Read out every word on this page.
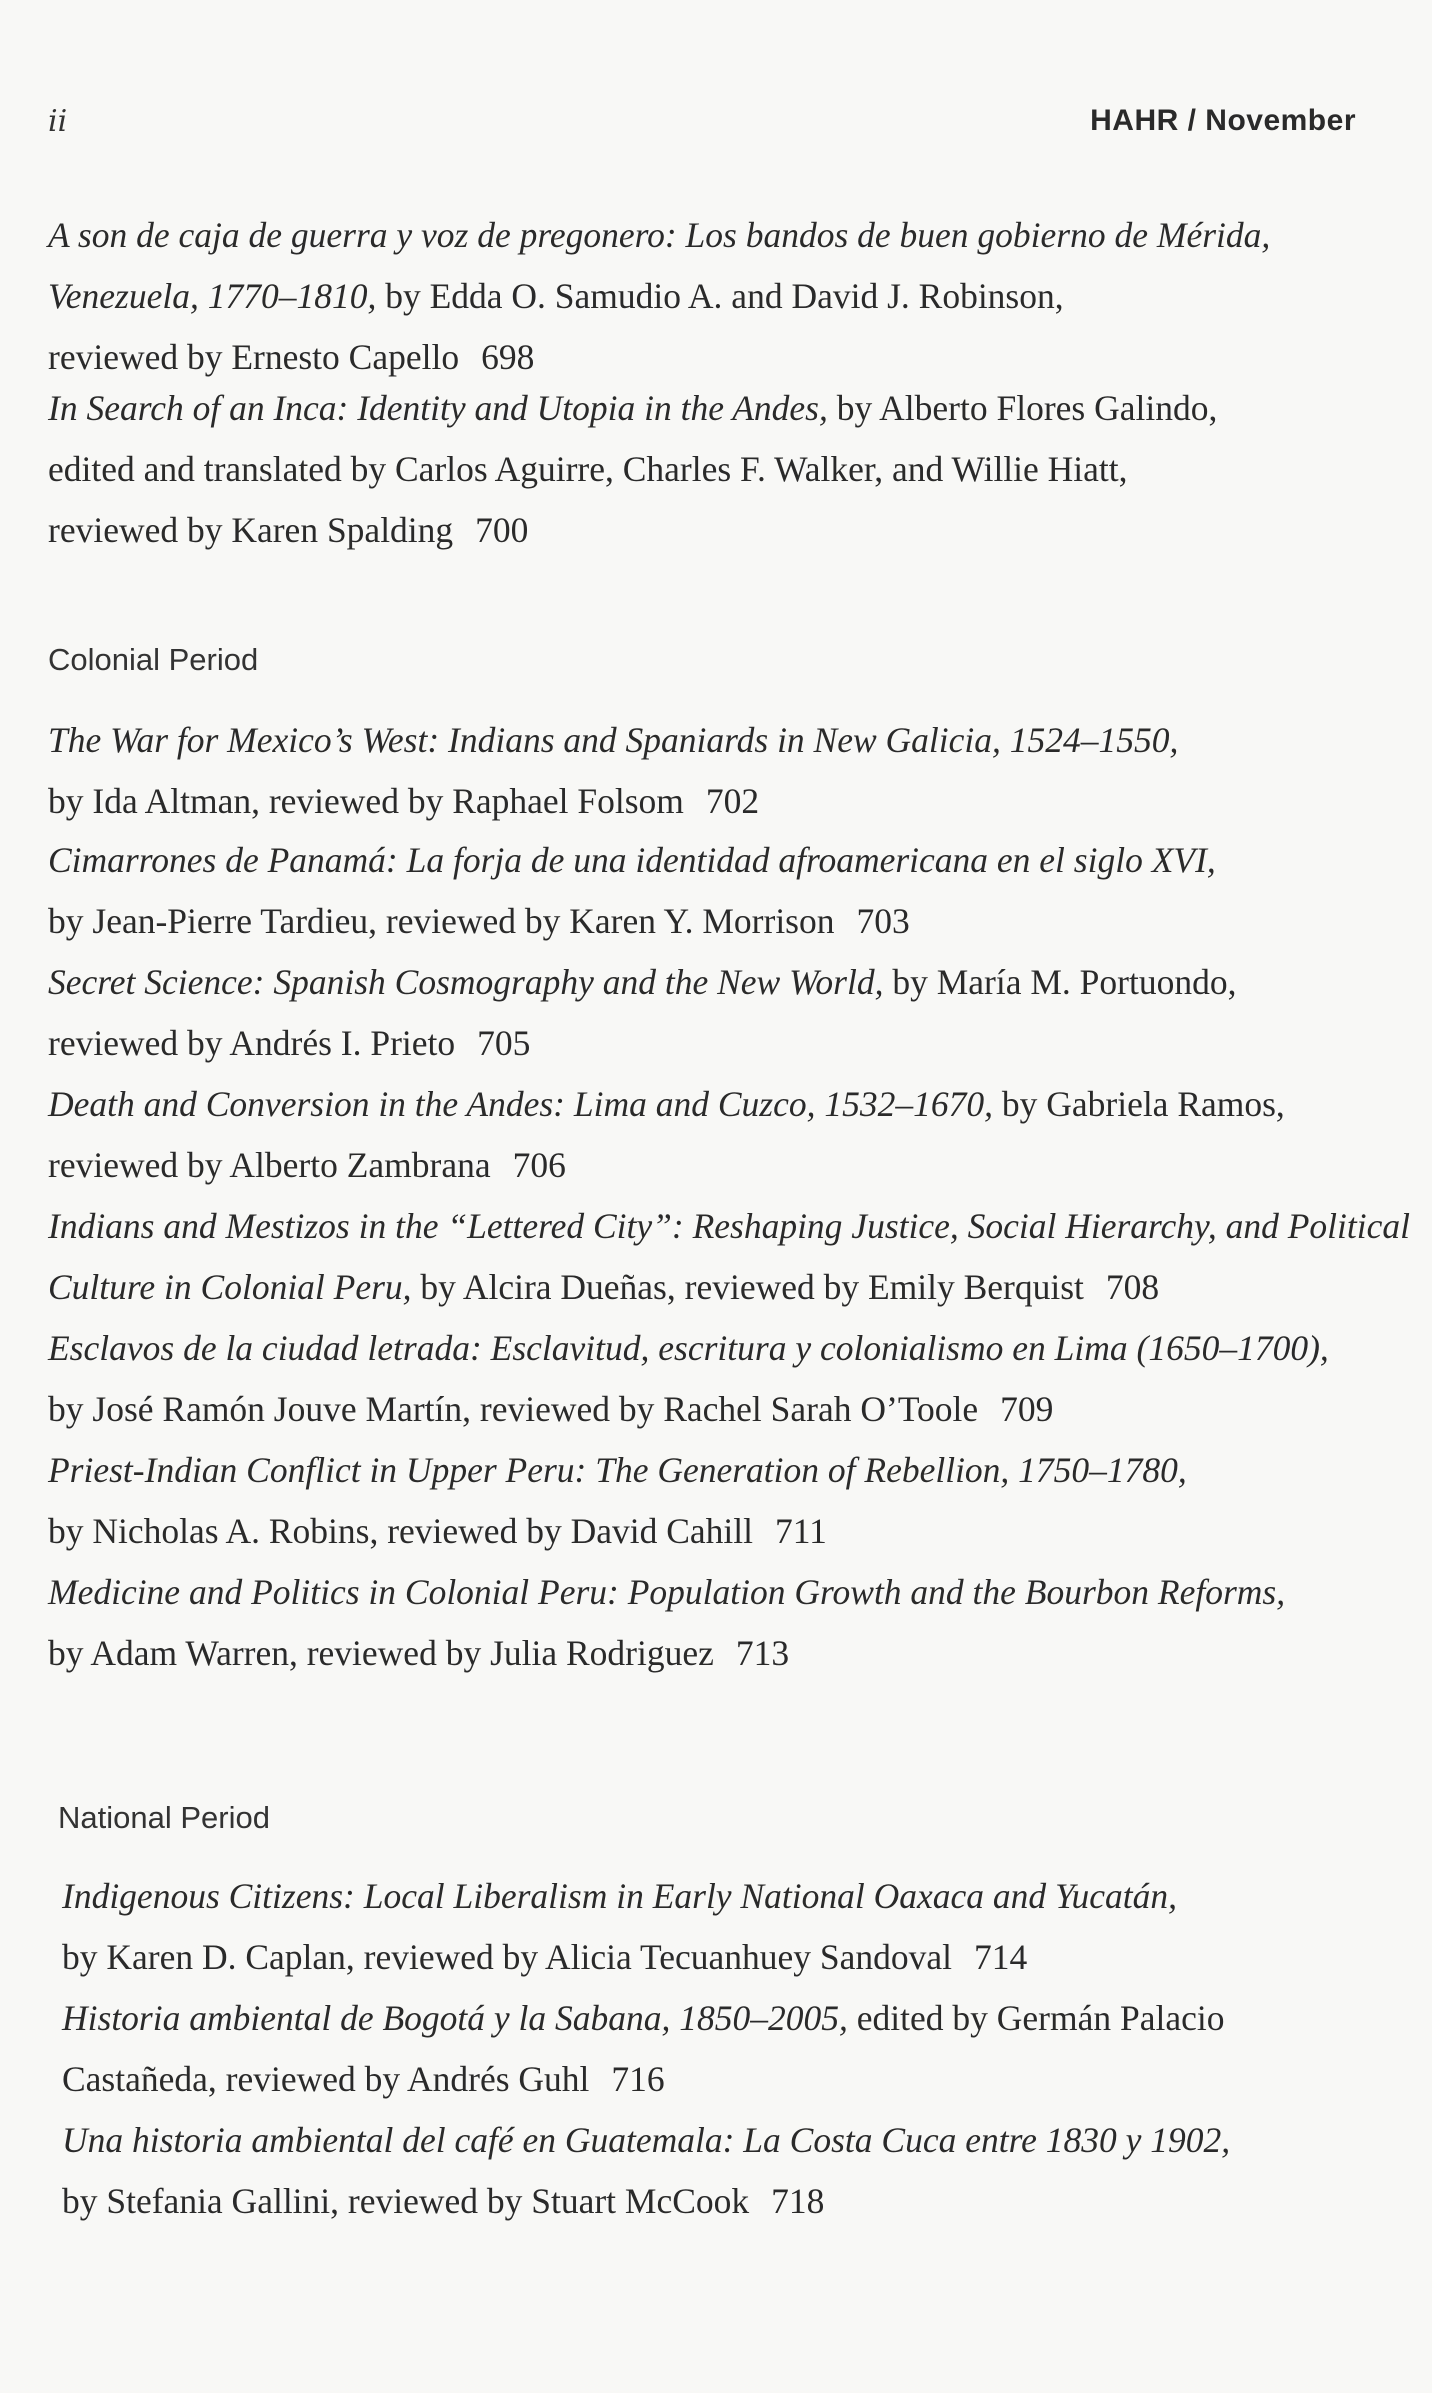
ii	HAHR / November
A son de caja de guerra y voz de pregonero: Los bandos de buen gobierno de Mérida,
Venezuela, 1770–1810, by Edda O. Samudio A. and David J. Robinson,
reviewed by Ernesto Capello 698
In Search of an Inca: Identity and Utopia in the Andes, by Alberto Flores Galindo,
edited and translated by Carlos Aguirre, Charles F. Walker, and Willie Hiatt,
reviewed by Karen Spalding 700
Colonial Period
The War for Mexico’s West: Indians and Spaniards in New Galicia, 1524–1550,
by Ida Altman, reviewed by Raphael Folsom 702
Cimarrones de Panamá: La forja de una identidad afroamericana en el siglo XVI,
by Jean-Pierre Tardieu, reviewed by Karen Y. Morrison 703
Secret Science: Spanish Cosmography and the New World, by María M. Portuondo,
reviewed by Andrés I. Prieto 705
Death and Conversion in the Andes: Lima and Cuzco, 1532–1670, by Gabriela Ramos,
reviewed by Alberto Zambrana 706
Indians and Mestizos in the “Lettered City”: Reshaping Justice, Social Hierarchy, and Political
Culture in Colonial Peru, by Alcira Dueñas, reviewed by Emily Berquist 708
Esclavos de la ciudad letrada: Esclavitud, escritura y colonialismo en Lima (1650–1700),
by José Ramón Jouve Martín, reviewed by Rachel Sarah O’Toole 709
Priest-Indian Conflict in Upper Peru: The Generation of Rebellion, 1750–1780,
by Nicholas A. Robins, reviewed by David Cahill 711
Medicine and Politics in Colonial Peru: Population Growth and the Bourbon Reforms,
by Adam Warren, reviewed by Julia Rodriguez 713
National Period
Indigenous Citizens: Local Liberalism in Early National Oaxaca and Yucatán,
by Karen D. Caplan, reviewed by Alicia Tecuanhuey Sandoval 714
Historia ambiental de Bogotá y la Sabana, 1850–2005, edited by Germán Palacio
Castañeda, reviewed by Andrés Guhl 716
Una historia ambiental del café en Guatemala: La Costa Cuca entre 1830 y 1902,
by Stefania Gallini, reviewed by Stuart McCook 718
